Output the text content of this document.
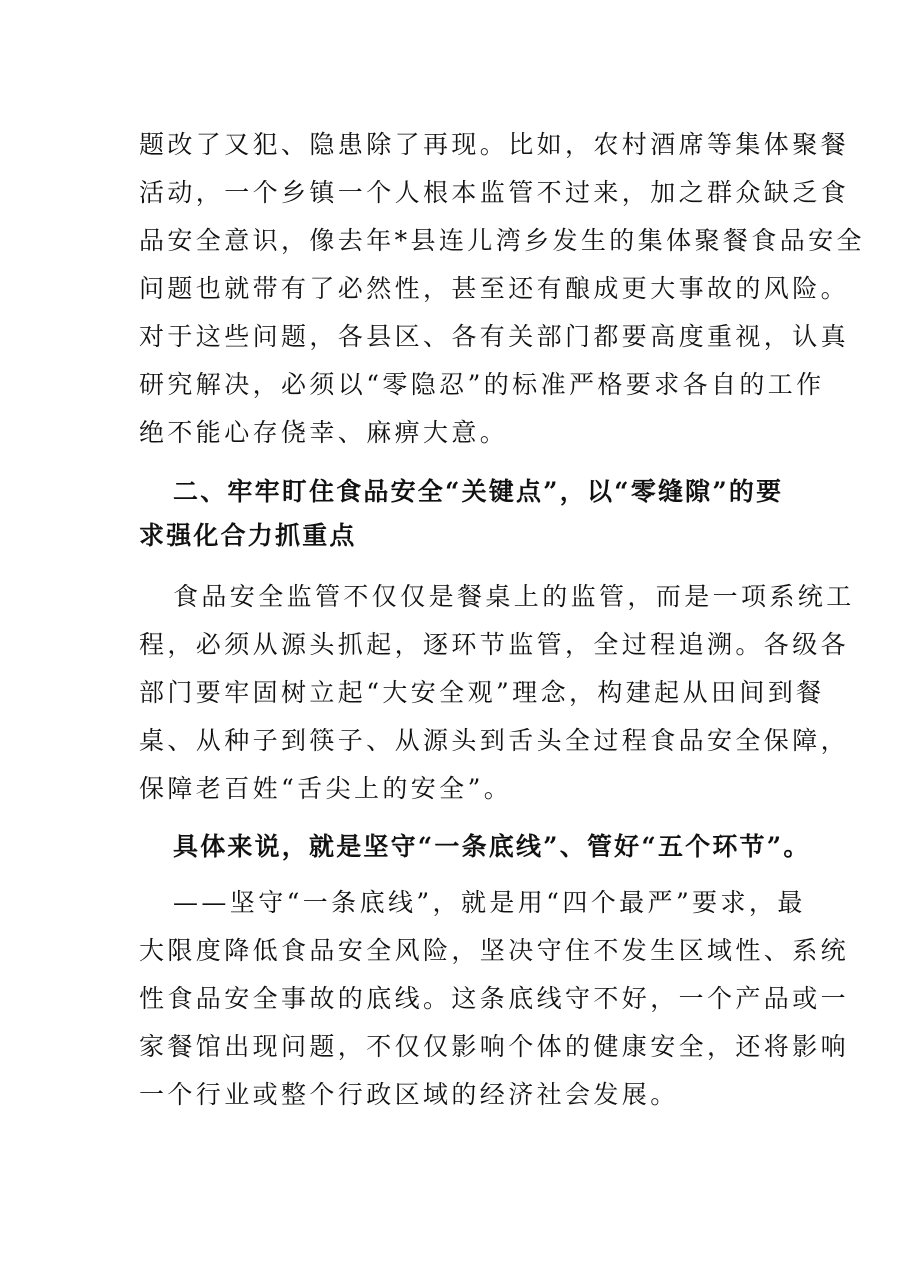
题改了又犯、隐患除了再现。比如，农村酒席等集体聚餐
活动，一个乡镇一个人根本监管不过来，加之群众缺乏食
品安全意识，像去年*县连儿湾乡发生的集体聚餐食品安全
问题也就带有了必然性，甚至还有酿成更大事故的风险。
对于这些问题，各县区、各有关部门都要高度重视，认真
研究解决，必须以“零隐忍”的标准严格要求各自的工作
绝不能心存侥幸、麻痹大意。
二、牢牢盯住食品安全“关键点”，以“零缝隙”的要
求强化合力抓重点
食品安全监管不仅仅是餐桌上的监管，而是一项系统工
程，必须从源头抓起，逐环节监管，全过程追溯。各级各
部门要牢固树立起“大安全观”理念，构建起从田间到餐
桌、从种子到筷子、从源头到舌头全过程食品安全保障，
保障老百姓“舌尖上的安全”。
具体来说，就是坚守“一条底线”、管好“五个环节”。
——坚守“一条底线”，就是用“四个最严”要求，最
大限度降低食品安全风险，坚决守住不发生区域性、系统
性食品安全事故的底线。这条底线守不好，一个产品或一
家餐馆出现问题，不仅仅影响个体的健康安全，还将影响
一个行业或整个行政区域的经济社会发展。
